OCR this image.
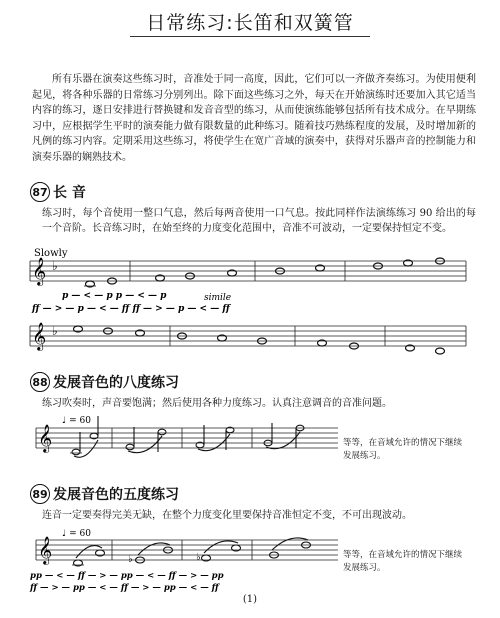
日常练习:长笛和双簧管
所有乐器在演奏这些练习时，音准处于同一高度，因此，它们可以一齐做齐奏练习。为使用便利起见，将各种乐器的日常练习分别列出。除下面这些练习之外，每天在开始演练时还要加入其它适当内容的练习，逐日安排进行替换键和发音音型的练习，从而使演练能够包括所有技术成分。在早期练习中，应根据学生平时的演奏能力做有限数量的此种练习。随着技巧熟练程度的发展，及时增加新的凡例的练习内容。定期采用这些练习，将使学生在宽广音域的演奏中，获得对乐器声音的控制能力和演奏乐器的娴熟技术。
87 长 音
练习时，每个音使用一整口气息，然后每两音使用一口气息。按此同样作法演练练习 90 给出的每一个音阶。长音练习时，在始至终的力度变化范围中，音准不可波动，一定要保持恒定不变。
88 发展音色的八度练习
练习吹奏时，声音要饱满；然后使用各种力度练习。认真注意调音的音准问题。
等等，在音域允许的情况下继续发展练习。
89 发展音色的五度练习
连音一定要奏得完美无缺，在整个力度变化里要保持音准恒定不变，不可出现波动。
等等，在音域允许的情况下继续发展练习。
𝄞 ♭
Slowly
p — < — p p — < — p
ff — > — p — < — ff ff — > — p — < — ff
simile
𝄞 ♭
𝄞
♩ = 60
𝄞
♩ = 60
♭	♭
pp — < — ff — > — pp — < — ff — > — pp
ff — > — pp — < — ff — > — pp — < — ff
(1)
